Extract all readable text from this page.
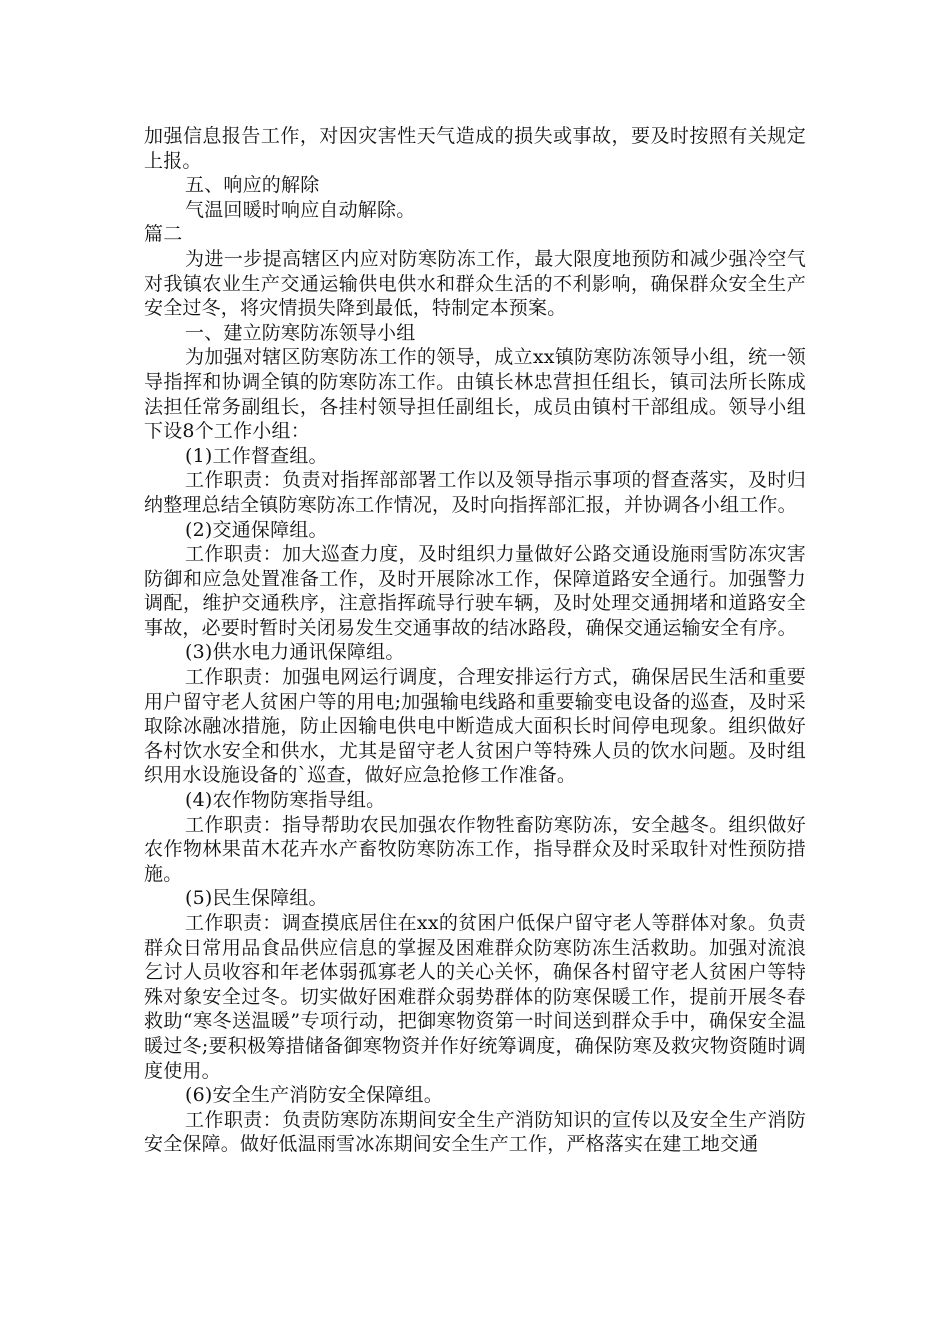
加强信息报告工作，对因灾害性天气造成的损失或事故，要及时按照有关规定上报。

五、响应的解除

气温回暖时响应自动解除。

篇二

为进一步提高辖区内应对防寒防冻工作，最大限度地预防和减少强冷空气对我镇农业生产交通运输供电供水和群众生活的不利影响，确保群众安全生产安全过冬，将灾情损失降到最低，特制定本预案。

一、建立防寒防冻领导小组

为加强对辖区防寒防冻工作的领导，成立xx镇防寒防冻领导小组，统一领导指挥和协调全镇的防寒防冻工作。由镇长林忠营担任组长，镇司法所长陈成法担任常务副组长，各挂村领导担任副组长，成员由镇村干部组成。领导小组下设8个工作小组：

(1)工作督查组。

工作职责：负责对指挥部部署工作以及领导指示事项的督查落实，及时归纳整理总结全镇防寒防冻工作情况，及时向指挥部汇报，并协调各小组工作。

(2)交通保障组。

工作职责：加大巡查力度，及时组织力量做好公路交通设施雨雪防冻灾害防御和应急处置准备工作，及时开展除冰工作，保障道路安全通行。加强警力调配，维护交通秩序，注意指挥疏导行驶车辆，及时处理交通拥堵和道路安全事故，必要时暂时关闭易发生交通事故的结冰路段，确保交通运输安全有序。

(3)供水电力通讯保障组。

工作职责：加强电网运行调度，合理安排运行方式，确保居民生活和重要用户留守老人贫困户等的用电;加强输电线路和重要输变电设备的巡查，及时采取除冰融冰措施，防止因输电供电中断造成大面积长时间停电现象。组织做好各村饮水安全和供水，尤其是留守老人贫困户等特殊人员的饮水问题。及时组织用水设施设备的`巡查，做好应急抢修工作准备。

(4)农作物防寒指导组。

工作职责：指导帮助农民加强农作物牲畜防寒防冻，安全越冬。组织做好农作物林果苗木花卉水产畜牧防寒防冻工作，指导群众及时采取针对性预防措施。

(5)民生保障组。

工作职责：调查摸底居住在xx的贫困户低保户留守老人等群体对象。负责群众日常用品食品供应信息的掌握及困难群众防寒防冻生活救助。加强对流浪乞讨人员收容和年老体弱孤寡老人的关心关怀，确保各村留守老人贫困户等特殊对象安全过冬。切实做好困难群众弱势群体的防寒保暖工作，提前开展冬春救助“寒冬送温暖”专项行动，把御寒物资第一时间送到群众手中，确保安全温暖过冬;要积极筹措储备御寒物资并作好统筹调度，确保防寒及救灾物资随时调度使用。

(6)安全生产消防安全保障组。

工作职责：负责防寒防冻期间安全生产消防知识的宣传以及安全生产消防安全保障。做好低温雨雪冰冻期间安全生产工作，严格落实在建工地交通
